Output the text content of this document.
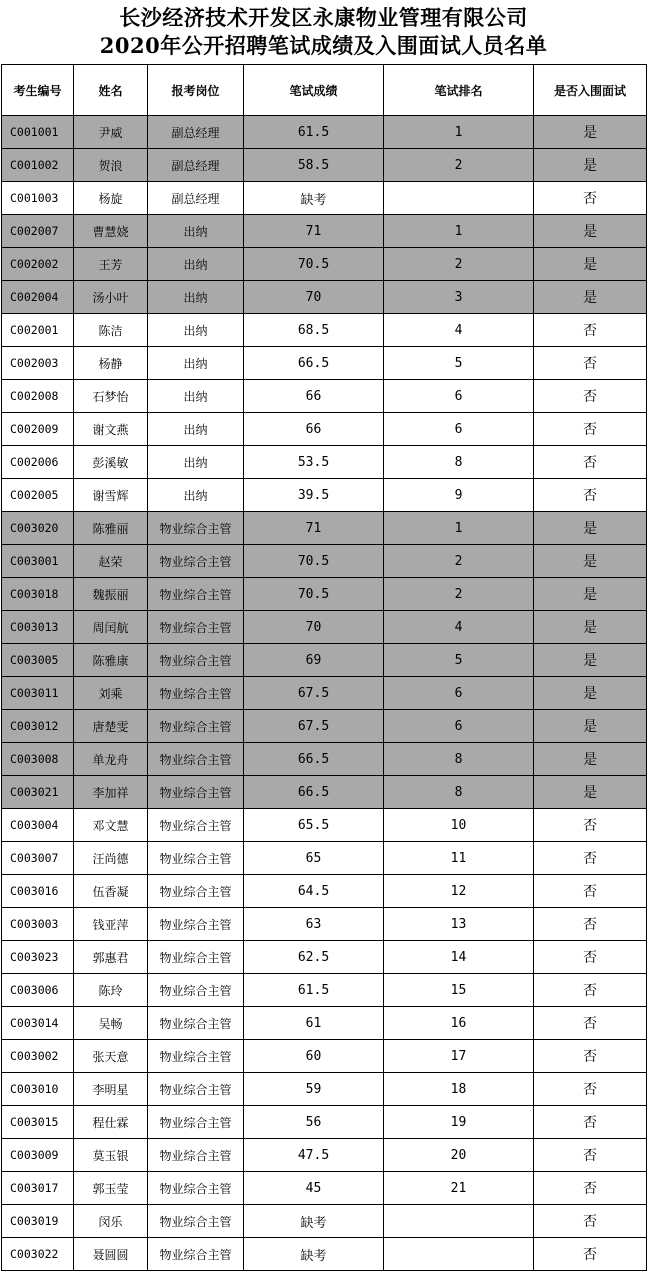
长沙经济技术开发区永康物业管理有限公司
2020年公开招聘笔试成绩及入围面试人员名单
考生编号	姓名	报考岗位	笔试成绩	笔试排名	是否入围面试
C001001	尹威	副总经理	61.5	1	是
C001002	贺浪	副总经理	58.5	2	是
C001003	杨旋	副总经理	缺考		否
C002007	曹慧娆	出纳	71	1	是
C002002	王芳	出纳	70.5	2	是
C002004	汤小叶	出纳	70	3	是
C002001	陈洁	出纳	68.5	4	否
C002003	杨静	出纳	66.5	5	否
C002008	石梦怡	出纳	66	6	否
C002009	谢文燕	出纳	66	6	否
C002006	彭溪敏	出纳	53.5	8	否
C002005	谢雪辉	出纳	39.5	9	否
C003020	陈雅丽	物业综合主管	71	1	是
C003001	赵荣	物业综合主管	70.5	2	是
C003018	魏振丽	物业综合主管	70.5	2	是
C003013	周闰航	物业综合主管	70	4	是
C003005	陈雅康	物业综合主管	69	5	是
C003011	刘乘	物业综合主管	67.5	6	是
C003012	唐楚雯	物业综合主管	67.5	6	是
C003008	单龙舟	物业综合主管	66.5	8	是
C003021	李加祥	物业综合主管	66.5	8	是
C003004	邓文慧	物业综合主管	65.5	10	否
C003007	汪尚德	物业综合主管	65	11	否
C003016	伍香凝	物业综合主管	64.5	12	否
C003003	钱亚萍	物业综合主管	63	13	否
C003023	郭惠君	物业综合主管	62.5	14	否
C003006	陈玲	物业综合主管	61.5	15	否
C003014	吴畅	物业综合主管	61	16	否
C003002	张天意	物业综合主管	60	17	否
C003010	李明星	物业综合主管	59	18	否
C003015	程仕霖	物业综合主管	56	19	否
C003009	莫玉银	物业综合主管	47.5	20	否
C003017	郭玉莹	物业综合主管	45	21	否
C003019	闵乐	物业综合主管	缺考		否
C003022	聂圆圆	物业综合主管	缺考		否
